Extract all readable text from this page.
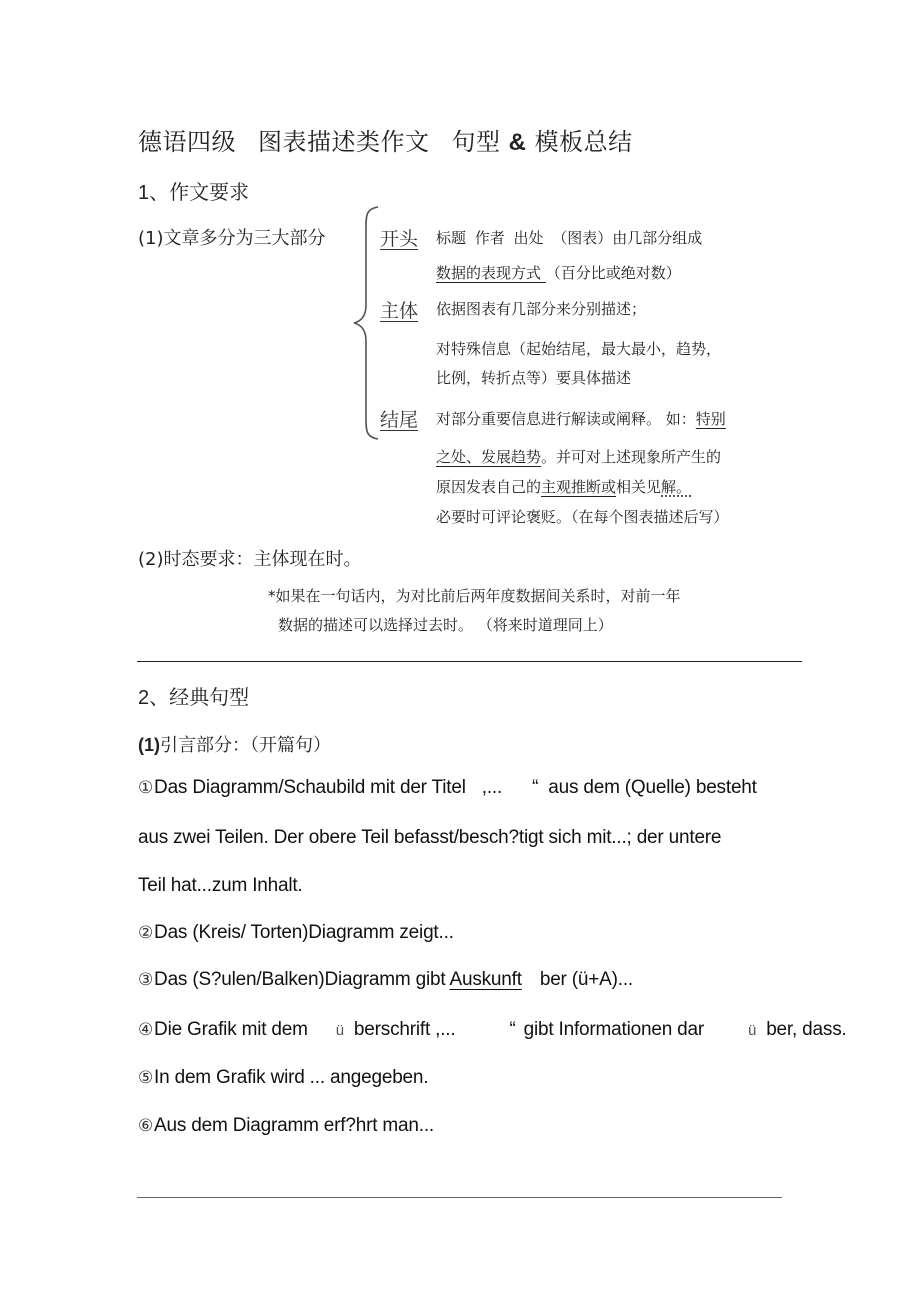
德语四级 图表描述类作文 句型 & 模板总结
1、作文要求
(1)文章多分为三大部分	开头 标题 作者 出处 （图表）由几部分组成
数据的表现方式 （百分比或绝对数）
主体 依据图表有几部分来分别描述；
对特殊信息（起始结尾，最大最小，趋势，
比例，转折点等）要具体描述
结尾 对部分重要信息进行解读或阐释。 如：特别
之处、发展趋势。并可对上述现象所产生的
原因发表自己的主观推断或相关见解。
必要时可评论褒贬。（在每个图表描述后写）
(2)时态要求：主体现在时。
*如果在一句话内，为对比前后两年度数据间关系时，对前一年
数据的描述可以选择过去时。 （将来时道理同上）
2、经典句型
(1)引言部分：（开篇句）
①Das Diagramm/Schaubild mit der Titel ,... “ aus dem (Quelle) besteht
aus zwei Teilen. Der obere Teil befasst/besch?tigt sich mit...; der untere
Teil hat...zum Inhalt.
②Das (Kreis/ Torten)Diagramm zeigt...
③Das (S?ulen/Balken)Diagramm gibt Auskunft ber (ü+A)...
④Die Grafik mit dem ü berschrift ,...	“ gibt Informationen dar	ü ber, dass.
⑤In dem Grafik wird ... angegeben.
⑥Aus dem Diagramm erf?hrt man...
